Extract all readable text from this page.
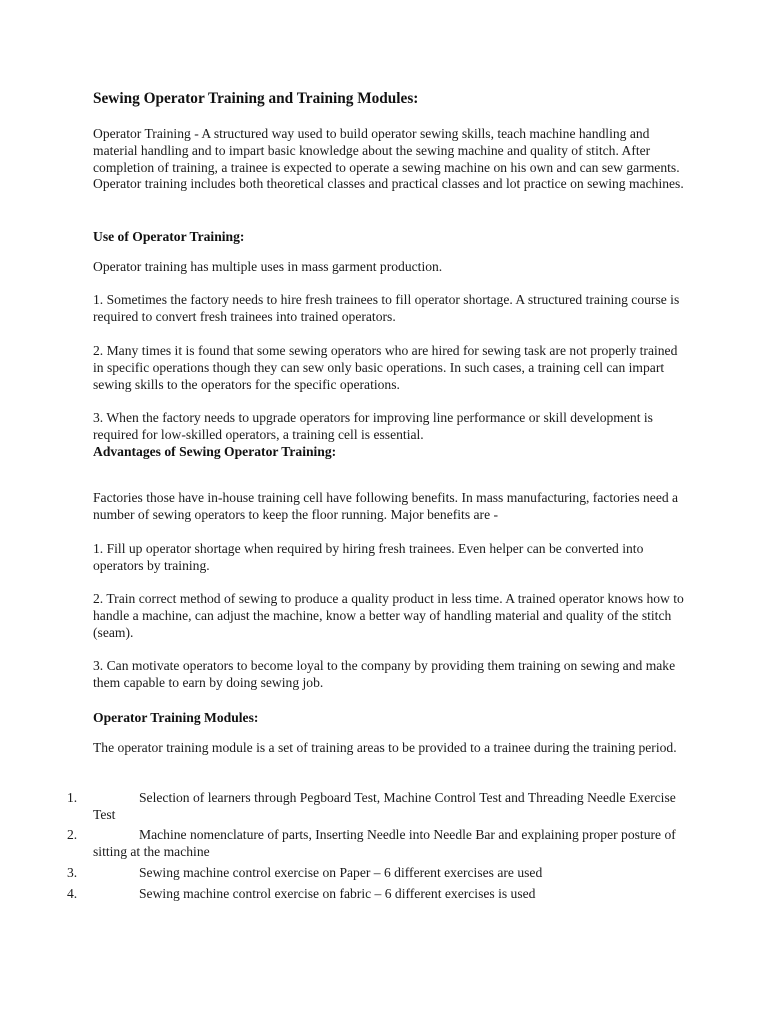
Sewing Operator Training and Training Modules:

Operator Training - A structured way used to build operator sewing skills, teach machine handling and material handling and to impart basic knowledge about the sewing machine and quality of stitch. After completion of training, a trainee is expected to operate a sewing machine on his own and can sew garments. Operator training includes both theoretical classes and practical classes and lot practice on sewing machines.

Use of Operator Training:

Operator training has multiple uses in mass garment production.

1. Sometimes the factory needs to hire fresh trainees to fill operator shortage. A structured training course is required to convert fresh trainees into trained operators.

2. Many times it is found that some sewing operators who are hired for sewing task are not properly trained in specific operations though they can sew only basic operations. In such cases, a training cell can impart sewing skills to the operators for the specific operations.

3. When the factory needs to upgrade operators for improving line performance or skill development is required for low-skilled operators, a training cell is essential.

Advantages of Sewing Operator Training:

Factories those have in-house training cell have following benefits. In mass manufacturing, factories need a number of sewing operators to keep the floor running. Major benefits are -

1. Fill up operator shortage when required by hiring fresh trainees. Even helper can be converted into operators by training.

2. Train correct method of sewing to produce a quality product in less time. A trained operator knows how to handle a machine, can adjust the machine, know a better way of handling material and quality of the stitch (seam).

3. Can motivate operators to become loyal to the company by providing them training on sewing and make them capable to earn by doing sewing job.

Operator Training Modules:

The operator training module is a set of training areas to be provided to a trainee during the training period.

1.	Selection of learners through Pegboard Test, Machine Control Test and Threading Needle Exercise Test

2.	Machine nomenclature of parts, Inserting Needle into Needle Bar and explaining proper posture of sitting at the machine

3.	Sewing machine control exercise on Paper – 6 different exercises are used

4.	Sewing machine control exercise on fabric – 6 different exercises is used
